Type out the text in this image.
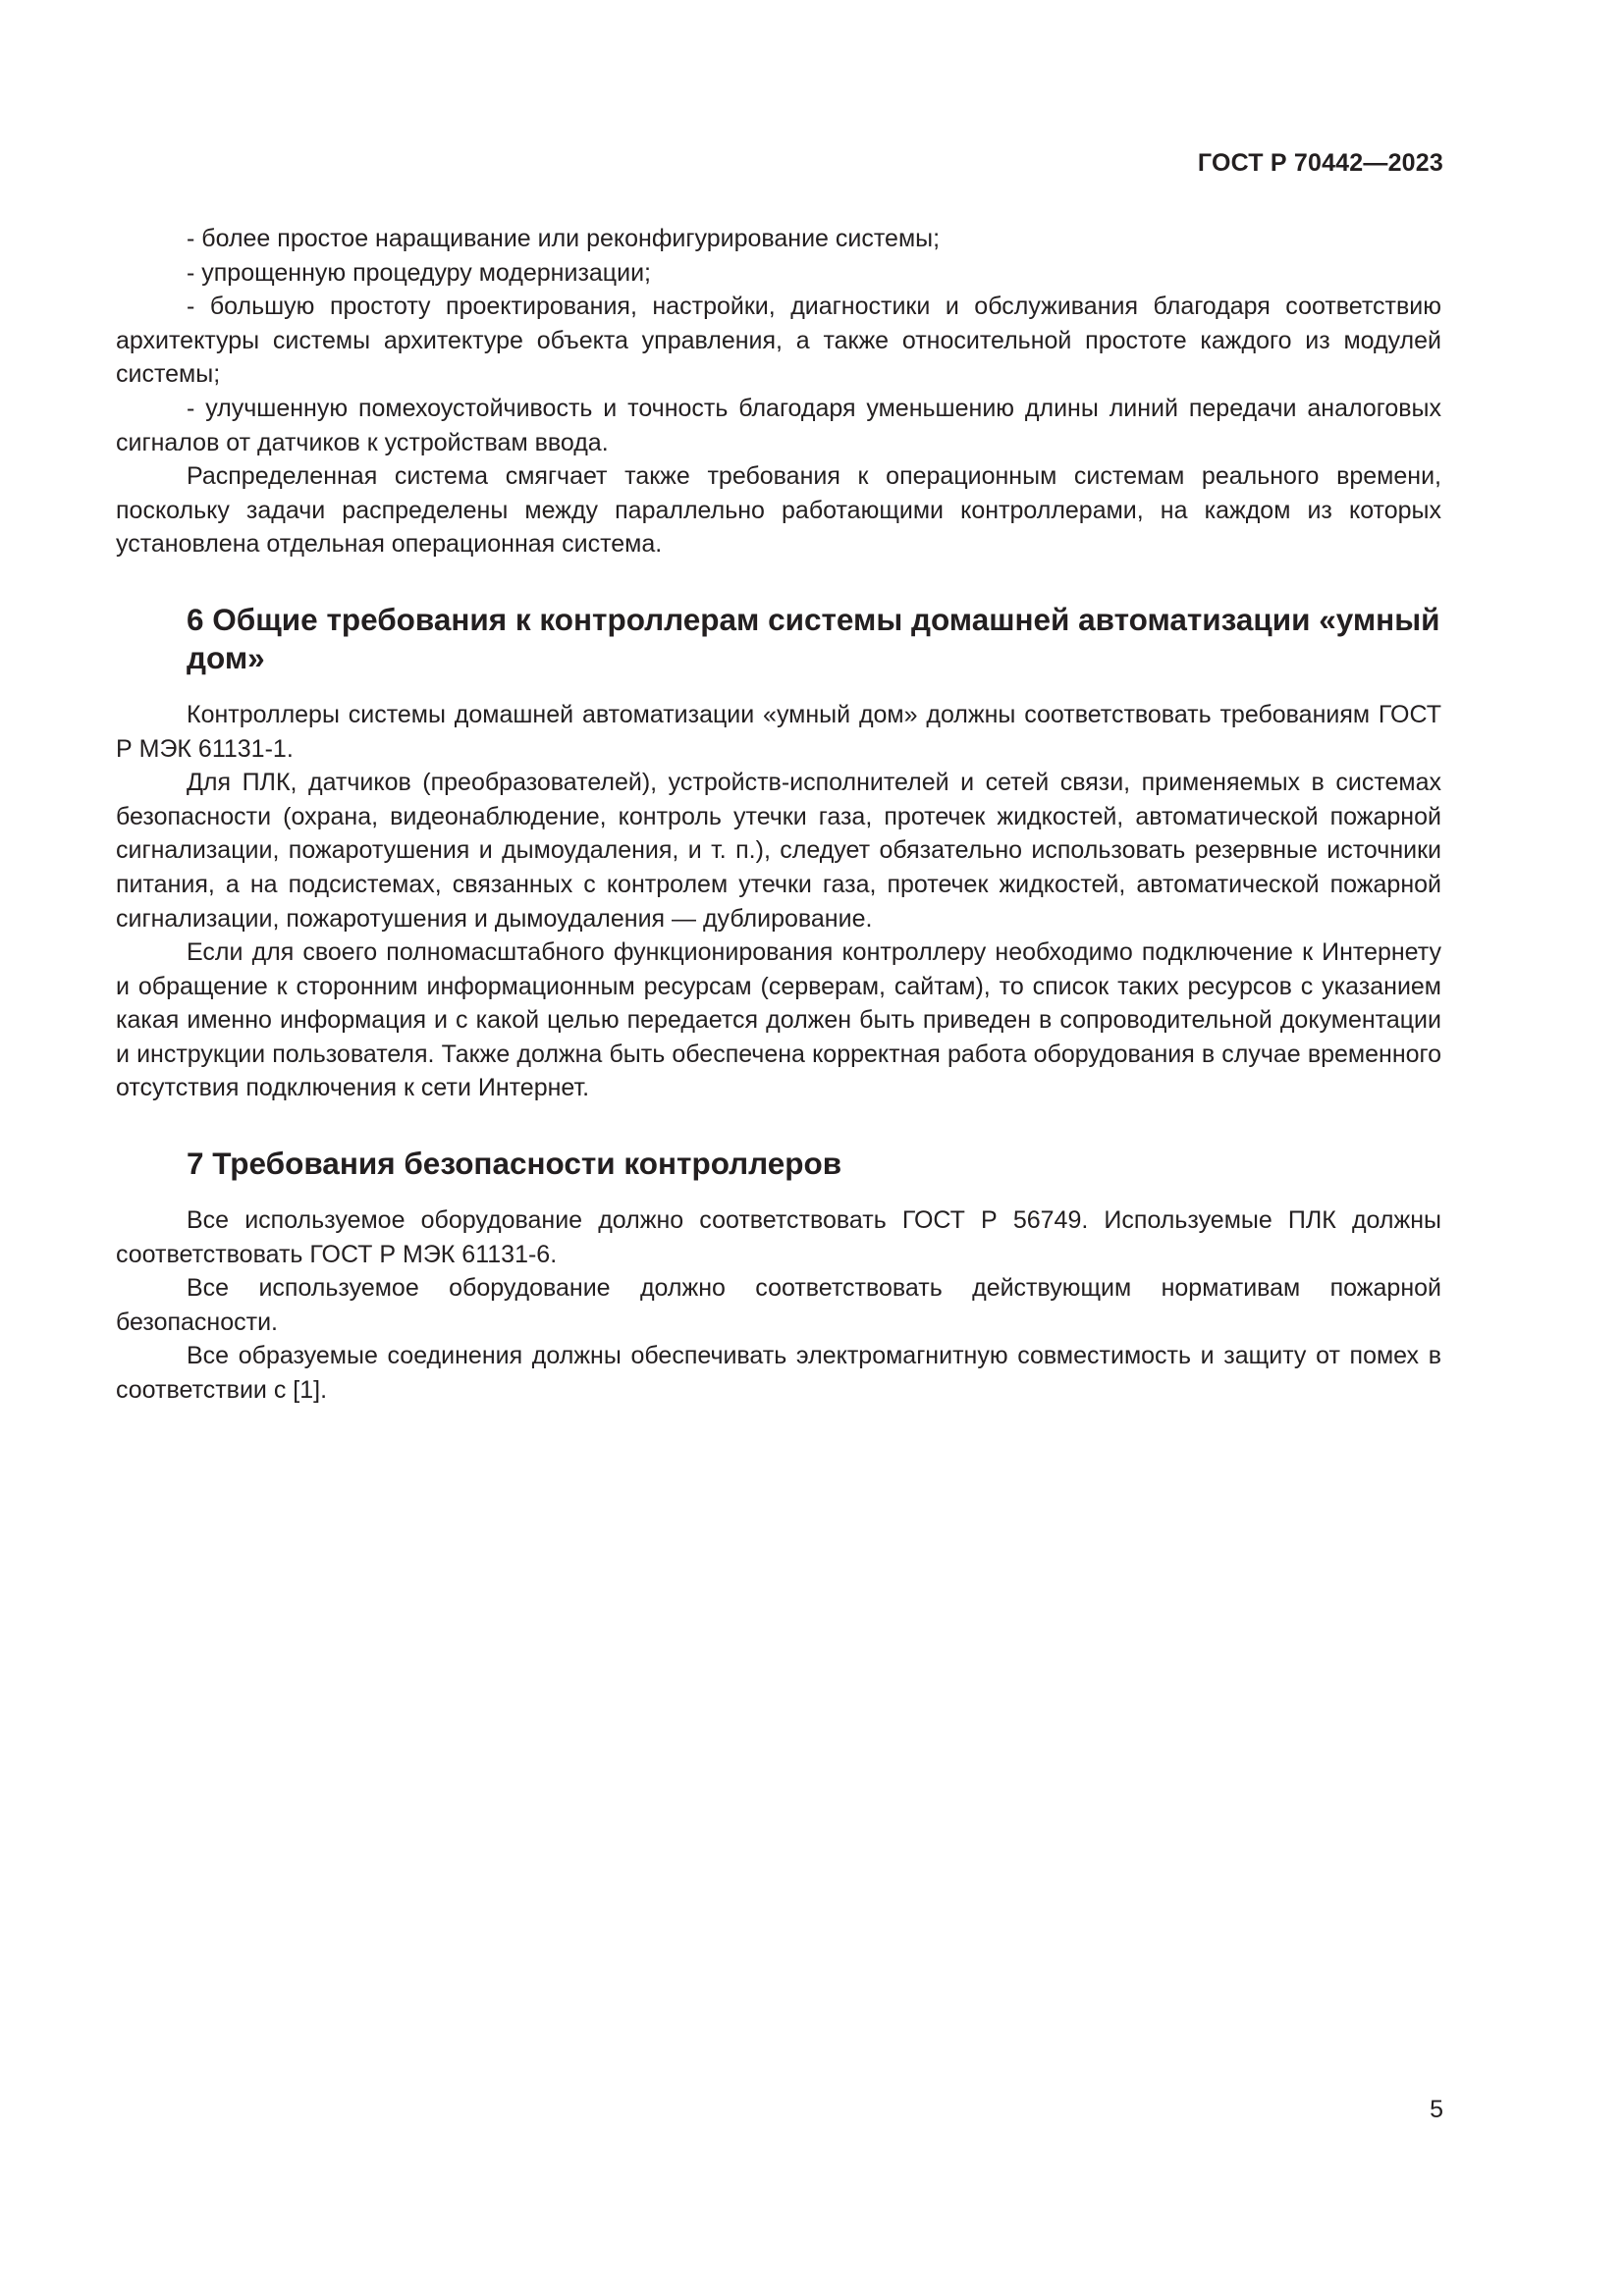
ГОСТ Р 70442—2023

- более простое наращивание или реконфигурирование системы;

- упрощенную процедуру модернизации;

- большую простоту проектирования, настройки, диагностики и обслуживания благодаря соответствию архитектуры системы архитектуре объекта управления, а также относительной простоте каждого из модулей системы;

- улучшенную помехоустойчивость и точность благодаря уменьшению длины линий передачи аналоговых сигналов от датчиков к устройствам ввода.

Распределенная система смягчает также требования к операционным системам реального времени, поскольку задачи распределены между параллельно работающими контроллерами, на каждом из которых установлена отдельная операционная система.

6 Общие требования к контроллерам системы домашней автоматизации «умный дом»

Контроллеры системы домашней автоматизации «умный дом» должны соответствовать требованиям ГОСТ Р МЭК 61131-1.

Для ПЛК, датчиков (преобразователей), устройств-исполнителей и сетей связи, применяемых в системах безопасности (охрана, видеонаблюдение, контроль утечки газа, протечек жидкостей, автоматической пожарной сигнализации, пожаротушения и дымоудаления, и т. п.), следует обязательно использовать резервные источники питания, а на подсистемах, связанных с контролем утечки газа, протечек жидкостей, автоматической пожарной сигнализации, пожаротушения и дымоудаления — дублирование.

Если для своего полномасштабного функционирования контроллеру необходимо подключение к Интернету и обращение к сторонним информационным ресурсам (серверам, сайтам), то список таких ресурсов с указанием какая именно информация и с какой целью передается должен быть приведен в сопроводительной документации и инструкции пользователя. Также должна быть обеспечена корректная работа оборудования в случае временного отсутствия подключения к сети Интернет.

7 Требования безопасности контроллеров

Все используемое оборудование должно соответствовать ГОСТ Р 56749. Используемые ПЛК должны соответствовать ГОСТ Р МЭК 61131-6.

Все используемое оборудование должно соответствовать действующим нормативам пожарной безопасности.

Все образуемые соединения должны обеспечивать электромагнитную совместимость и защиту от помех в соответствии с [1].

5
